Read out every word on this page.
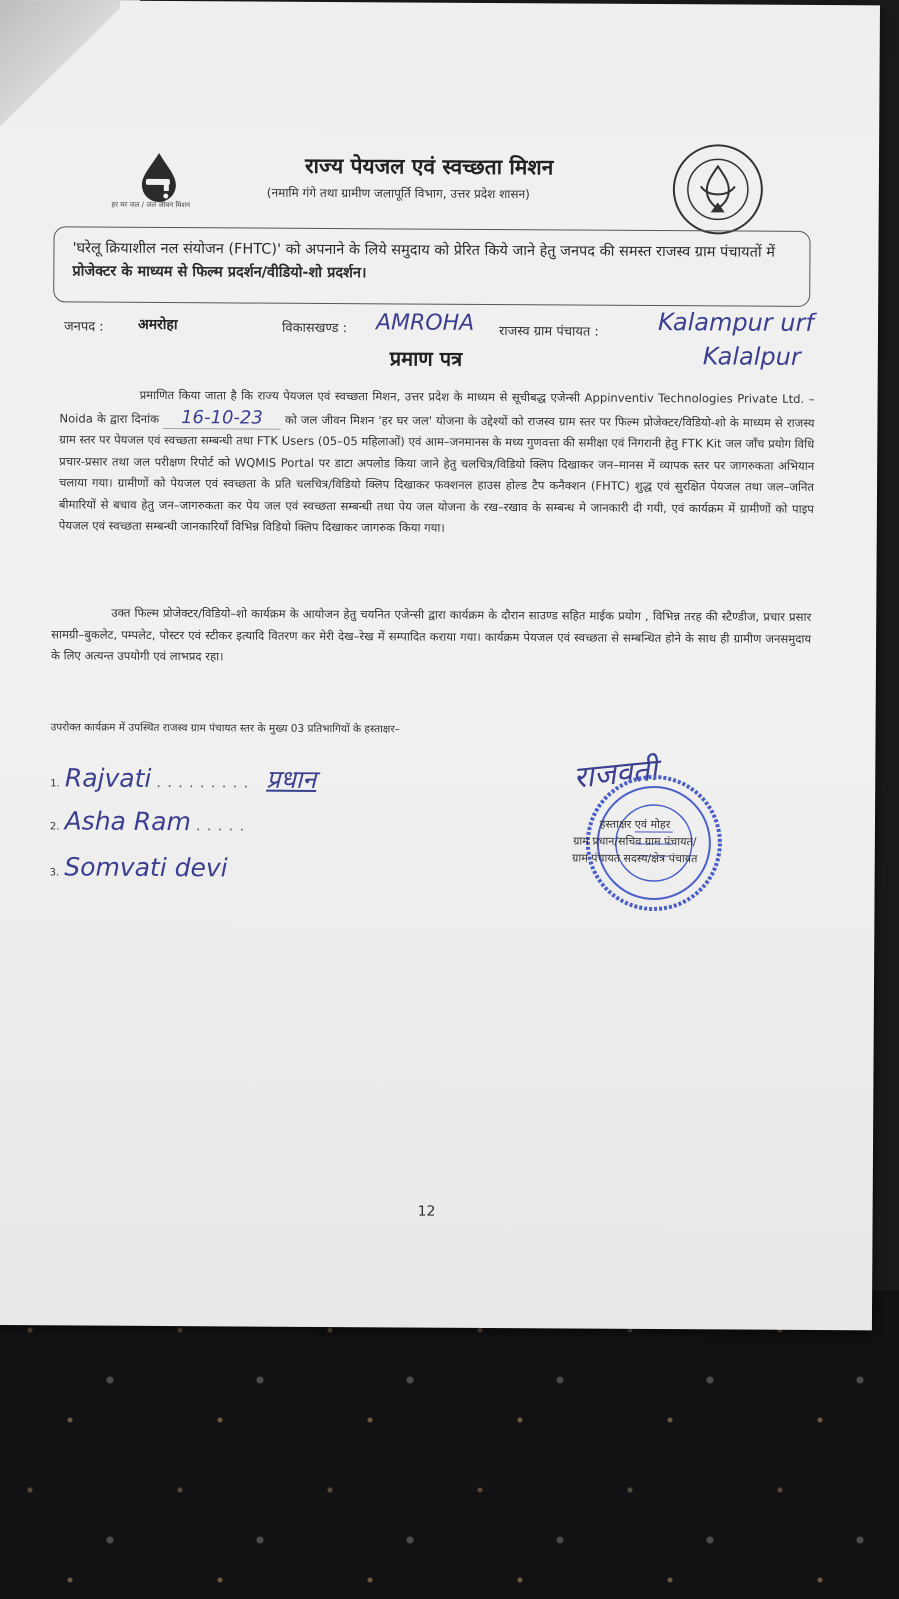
हर घर जल / जल जीवन मिशन
राज्य पेयजल एवं स्वच्छता मिशन
(नमामि गंगे तथा ग्रामीण जलापूर्ति विभाग, उत्तर प्रदेश शासन)
'घरेलू क्रियाशील नल संयोजन (FHTC)' को अपनाने के लिये समुदाय को प्रेरित किये जाने हेतु जनपद की समस्त राजस्व ग्राम पंचायतों में प्रोजेक्टर के माध्यम से फिल्म प्रदर्शन/वीडियो-शो प्रदर्शन।
जनपद : अमरोहा	विकासखण्ड : AMROHA राजस्व ग्राम पंचायत : Kalampur urf
Kalalpur
प्रमाण पत्र
प्रमाणित किया जाता है कि राज्य पेयजल एवं स्वच्छता मिशन, उत्तर प्रदेश के माध्यम से सूचीबद्ध एजेन्सी Appinventiv Technologies Private Ltd. – Noida के द्वारा दिनांक 16-10-23 को जल जीवन मिशन 'हर घर जल' योजना के उद्देश्यों को राजस्व ग्राम स्तर पर फिल्म प्रोजेक्टर/विडियो-शो के माध्यम से राजस्य ग्राम स्तर पर पेयजल एवं स्वच्छता सम्बन्धी तथा FTK Users (05–05 महिलाओं) एवं आम–जनमानस के मध्य गुणवत्ता की समीक्षा एवं निगरानी हेतु FTK Kit जल जाँच प्रयोग विधि प्रचार-प्रसार तथा जल परीक्षण रिपोर्ट को WQMIS Portal पर डाटा अपलोड किया जाने हेतु चलचित्र/विडियो क्लिप दिखाकर जन–मानस में व्यापक स्तर पर जागरुकता अभियान चलाया गया। ग्रामीणों को पेयजल एवं स्वच्छता के प्रति चलचित्र/विडियो क्लिप दिखाकर फक्शनल हाउस होल्ड टैप कनैक्शन (FHTC) शुद्ध एवं सुरक्षित पेयजल तथा जल–जनित बीमारियों से बचाव हेतु जन–जागरुकता कर पेय जल एवं स्वच्छता सम्बन्धी तथा पेय जल योजना के रख–रखाव के सम्बन्ध मे जानकारी दी गयी, एवं कार्यक्रम में ग्रामीणों को पाइप पेयजल एवं स्वच्छता सम्बन्धी जानकारियाँ विभिन्न विडियो क्लिप दिखाकर जागरुक किया गया।
उक्त फिल्म प्रोजेक्टर/विडियो–शो कार्यक्रम के आयोजन हेतु चयनित एजेन्सी द्वारा कार्यक्रम के दौरान साउण्ड सहित माईक प्रयोग , विभिन्न तरह की स्टैण्डीज, प्रचार प्रसार सामग्री–बुकलेट, पम्पलेट, पोस्टर एवं स्टीकर इत्यादि वितरण कर मेरी देख–रेख में सम्पादित कराया गया। कार्यक्रम पेयजल एवं स्वच्छता से सम्बन्धित होने के साथ ही ग्रामीण जनसमुदाय के लिए अत्यन्त उपयोगी एवं लाभप्रद रहा।
उपरोक्त कार्यक्रम में उपस्थित राजस्व ग्राम पंचायत स्तर के मुख्य 03 प्रतिभागियों के हस्ताक्षर–
1. Rajvati . . . . . . . . . प्रधान
2. Asha Ram . . . . .
3. Somvati devi
राजवती
हस्ताक्षर एवं मोहर
ग्राम प्रधान/सचिव ग्राम पंचायत/
ग्राम पंचायत सदस्य/क्षेत्र पंचायत
12
